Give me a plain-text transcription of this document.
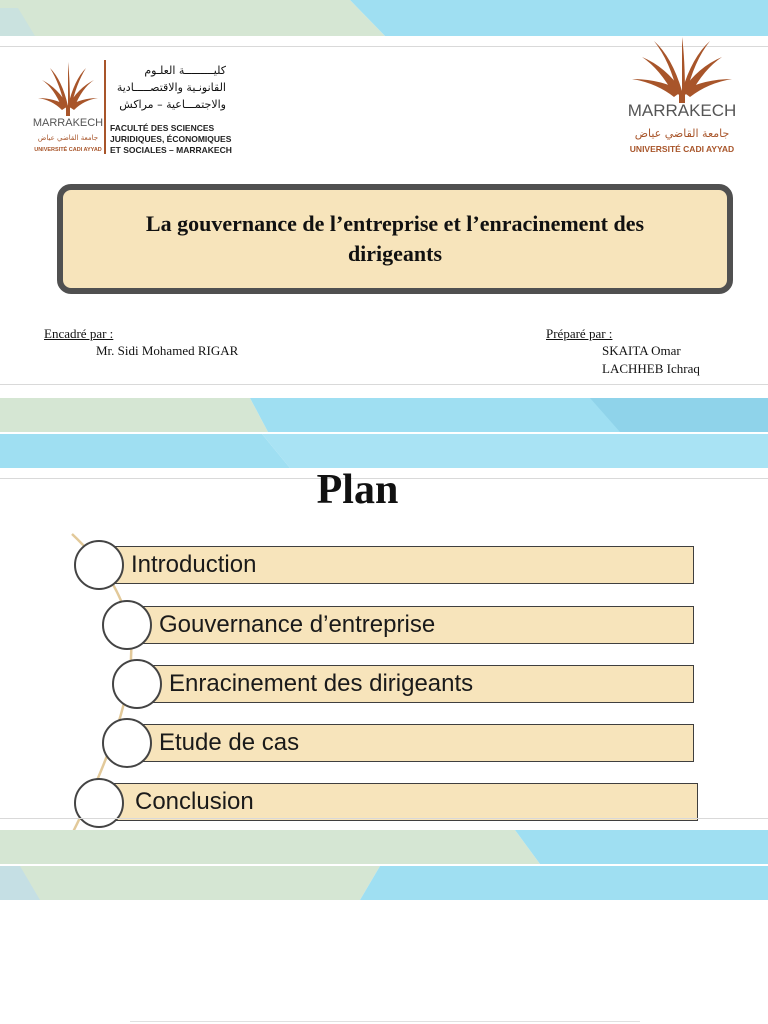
MARRAKECH
جامعة القاضي عياض
UNIVERSITÉ CADI AYYAD
كليـــــــــة العلـوم
القانونـية والاقتصـــــادية
والاجتمـــاعية – مراكش
FACULTÉ DES SCIENCES
JURIDIQUES, ÉCONOMIQUES
ET SOCIALES – MARRAKECH
MARRAKECH
جامعة القاضي عياض
UNIVERSITÉ CADI AYYAD
La gouvernance de l’entreprise et l’enracinement des dirigeants
Encadré par :
Mr. Sidi Mohamed RIGAR
Préparé par :
SKAITA Omar
LACHHEB Ichraq
Plan
Introduction
Gouvernance d’entreprise
Enracinement des dirigeants
Etude de cas
Conclusion
